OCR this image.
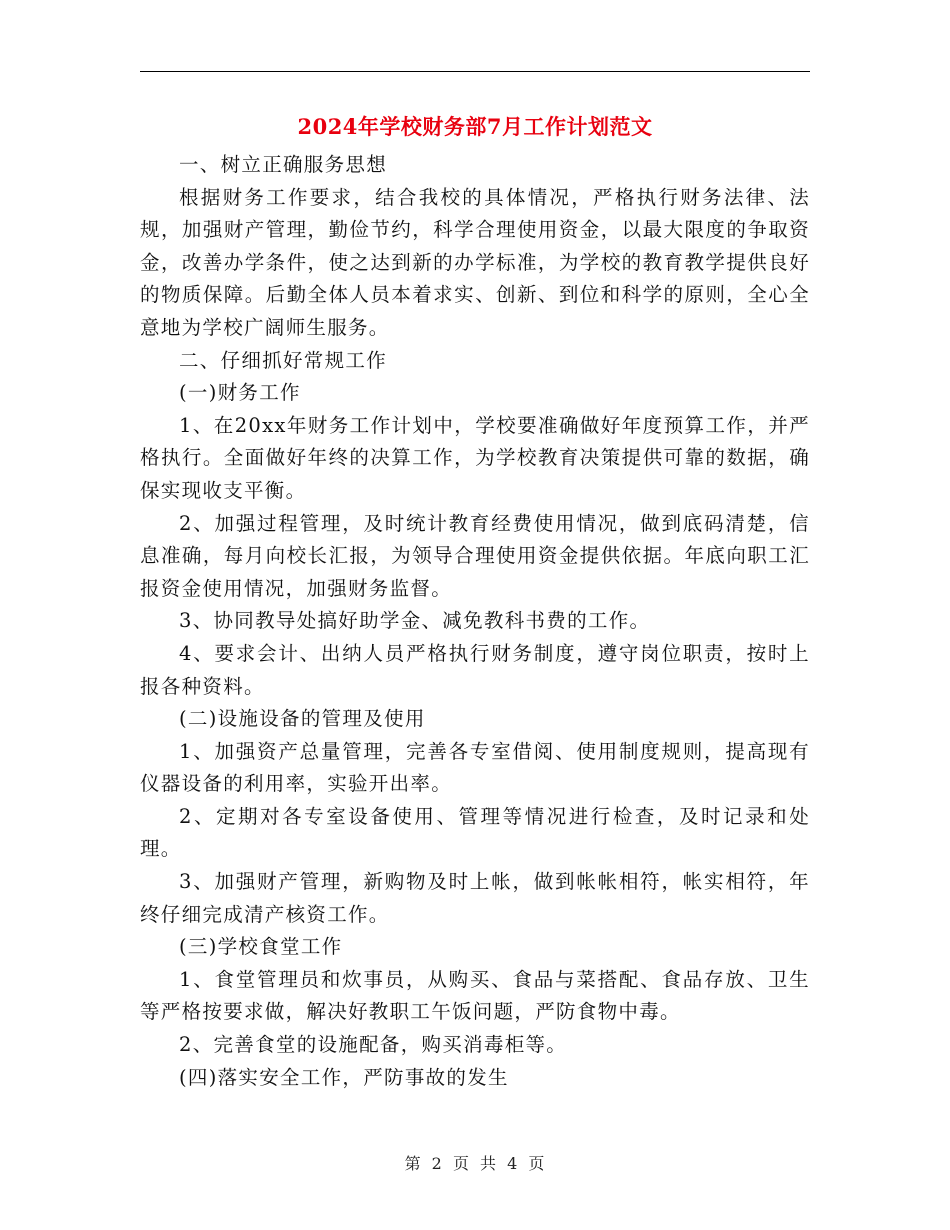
2024年学校财务部7月工作计划范文

一、树立正确服务思想

根据财务工作要求，结合我校的具体情况，严格执行财务法律、法规，加强财产管理，勤俭节约，科学合理使用资金，以最大限度的争取资金，改善办学条件，使之达到新的办学标准，为学校的教育教学提供良好的物质保障。后勤全体人员本着求实、创新、到位和科学的原则，全心全意地为学校广阔师生服务。

二、仔细抓好常规工作

(一)财务工作

1、在20xx年财务工作计划中，学校要准确做好年度预算工作，并严格执行。全面做好年终的决算工作，为学校教育决策提供可靠的数据，确保实现收支平衡。

2、加强过程管理，及时统计教育经费使用情况，做到底码清楚，信息准确，每月向校长汇报，为领导合理使用资金提供依据。年底向职工汇报资金使用情况，加强财务监督。

3、协同教导处搞好助学金、减免教科书费的工作。

4、要求会计、出纳人员严格执行财务制度，遵守岗位职责，按时上报各种资料。

(二)设施设备的管理及使用

1、加强资产总量管理，完善各专室借阅、使用制度规则，提高现有仪器设备的利用率，实验开出率。

2、定期对各专室设备使用、管理等情况进行检查，及时记录和处理。

3、加强财产管理，新购物及时上帐，做到帐帐相符，帐实相符，年终仔细完成清产核资工作。

(三)学校食堂工作

1、食堂管理员和炊事员，从购买、食品与菜搭配、食品存放、卫生等严格按要求做，解决好教职工午饭问题，严防食物中毒。

2、完善食堂的设施配备，购买消毒柜等。

(四)落实安全工作，严防事故的发生

第 2 页 共 4 页
